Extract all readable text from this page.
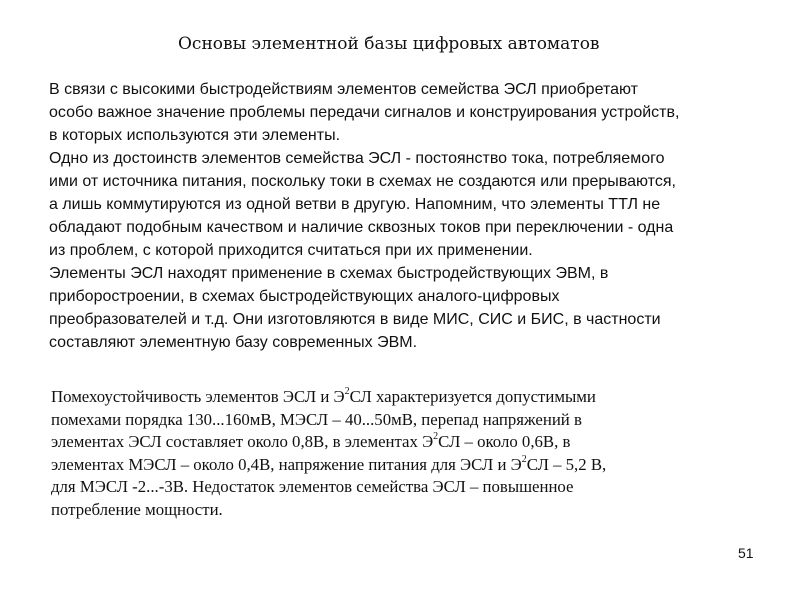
Основы элементной базы цифровых автоматов
В связи с высокими быстродействиям элементов семейства ЭСЛ приобретают
особо важное значение проблемы передачи сигналов и конструирования устройств,
в которых используются эти элементы.
Одно из достоинств элементов семейства ЭСЛ - постоянство тока, потребляемого
ими от источника питания, поскольку токи в схемах не создаются или прерываются,
а лишь коммутируются из одной ветви в другую. Напомним, что элементы ТТЛ не
обладают подобным качеством и наличие сквозных токов при переключении - одна
из проблем, с которой приходится считаться при их применении.
Элементы ЭСЛ находят применение в схемах быстродействующих ЭВМ, в
приборостроении, в схемах быстродействующих аналого-цифровых
преобразователей и т.д. Они изготовляются в виде МИС, СИС и БИС, в частности
составляют элементную базу современных ЭВМ.
Помехоустойчивость элементов ЭСЛ и $Э^2СЛ$ характеризуется допустимыми
помехами порядка 130...160мВ, МЭСЛ – 40...50мВ, перепад напряжений в
элементах ЭСЛ составляет около 0,8В, в элементах $Э^2СЛ$ – около 0,6В, в
элементах МЭСЛ – около 0,4В, напряжение питания для ЭСЛ и $Э^2СЛ - 5,2$ В,
для МЭСЛ -2...-3В. Недостаток элементов семейства ЭСЛ – повышенное
потребление мощности.
51
